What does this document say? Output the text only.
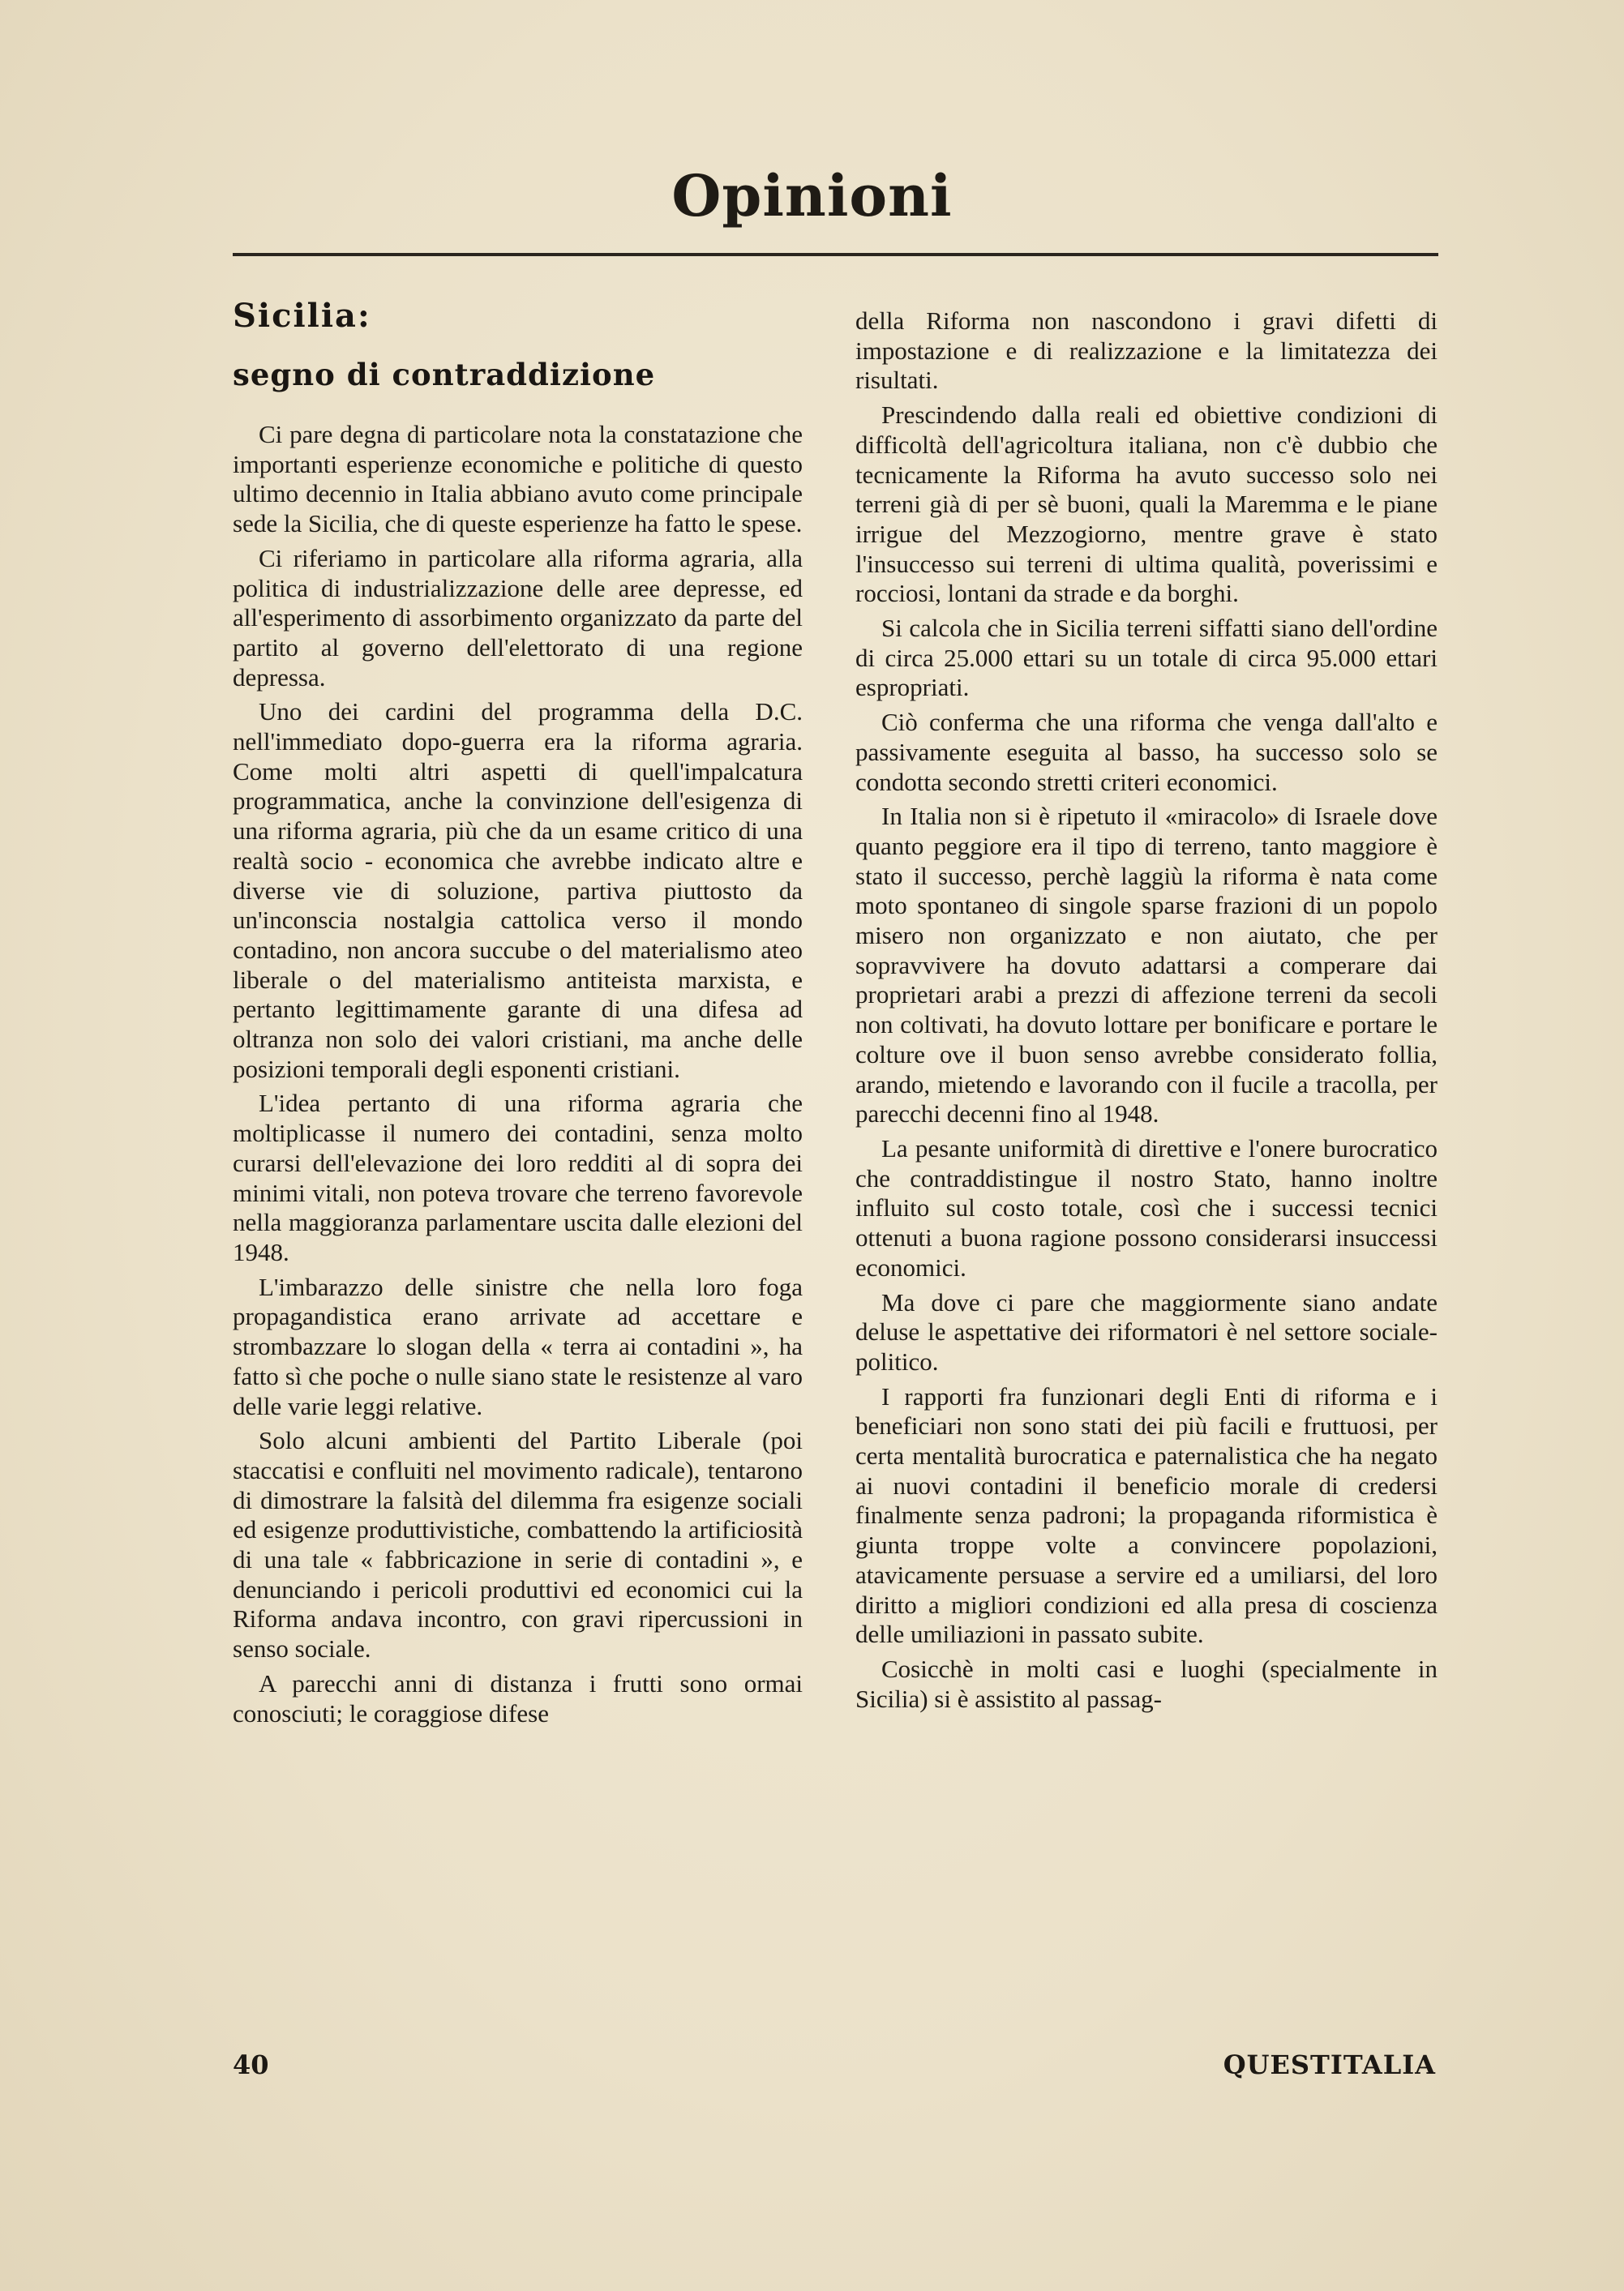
Opinioni
Sicilia:
segno di contraddizione

Ci pare degna di particolare nota la constatazione che importanti esperienze economiche e politiche di questo ultimo decennio in Italia abbiano avuto come principale sede la Sicilia, che di queste esperienze ha fatto le spese.

Ci riferiamo in particolare alla riforma agraria, alla politica di industrializzazione delle aree depresse, ed all'esperimento di assorbimento organizzato da parte del partito al governo dell'elettorato di una regione depressa.

Uno dei cardini del programma della D.C. nell'immediato dopo-guerra era la riforma agraria. Come molti altri aspetti di quell'impalcatura programmatica, anche la convinzione dell'esigenza di una riforma agraria, più che da un esame critico di una realtà socio - economica che avrebbe indicato altre e diverse vie di soluzione, partiva piuttosto da un'inconscia nostalgia cattolica verso il mondo contadino, non ancora succube o del materialismo ateo liberale o del materialismo antiteista marxista, e pertanto legittimamente garante di una difesa ad oltranza non solo dei valori cristiani, ma anche delle posizioni temporali degli esponenti cristiani.

L'idea pertanto di una riforma agraria che moltiplicasse il numero dei contadini, senza molto curarsi dell'elevazione dei loro redditi al di sopra dei minimi vitali, non poteva trovare che terreno favorevole nella maggioranza parlamentare uscita dalle elezioni del 1948.

L'imbarazzo delle sinistre che nella loro foga propagandistica erano arrivate ad accettare e strombazzare lo slogan della « terra ai contadini », ha fatto sì che poche o nulle siano state le resistenze al varo delle varie leggi relative.

Solo alcuni ambienti del Partito Liberale (poi staccatisi e confluiti nel movimento radicale), tentarono di dimostrare la falsità del dilemma fra esigenze sociali ed esigenze produttivistiche, combattendo la artificiosità di una tale « fabbricazione in serie di contadini », e denunciando i pericoli produttivi ed economici cui la Riforma andava incontro, con gravi ripercussioni in senso sociale.

A parecchi anni di distanza i frutti sono ormai conosciuti; le coraggiose difese

della Riforma non nascondono i gravi difetti di impostazione e di realizzazione e la limitatezza dei risultati.

Prescindendo dalla reali ed obiettive condizioni di difficoltà dell'agricoltura italiana, non c'è dubbio che tecnicamente la Riforma ha avuto successo solo nei terreni già di per sè buoni, quali la Maremma e le piane irrigue del Mezzogiorno, mentre grave è stato l'insuccesso sui terreni di ultima qualità, poverissimi e rocciosi, lontani da strade e da borghi.

Si calcola che in Sicilia terreni siffatti siano dell'ordine di circa 25.000 ettari su un totale di circa 95.000 ettari espropriati.

Ciò conferma che una riforma che venga dall'alto e passivamente eseguita al basso, ha successo solo se condotta secondo stretti criteri economici.

In Italia non si è ripetuto il «miracolo» di Israele dove quanto peggiore era il tipo di terreno, tanto maggiore è stato il successo, perchè laggiù la riforma è nata come moto spontaneo di singole sparse frazioni di un popolo misero non organizzato e non aiutato, che per sopravvivere ha dovuto adattarsi a comperare dai proprietari arabi a prezzi di affezione terreni da secoli non coltivati, ha dovuto lottare per bonificare e portare le colture ove il buon senso avrebbe considerato follia, arando, mietendo e lavorando con il fucile a tracolla, per parecchi decenni fino al 1948.

La pesante uniformità di direttive e l'onere burocratico che contraddistingue il nostro Stato, hanno inoltre influito sul costo totale, così che i successi tecnici ottenuti a buona ragione possono considerarsi insuccessi economici.

Ma dove ci pare che maggiormente siano andate deluse le aspettative dei riformatori è nel settore sociale-politico.

I rapporti fra funzionari degli Enti di riforma e i beneficiari non sono stati dei più facili e fruttuosi, per certa mentalità burocratica e paternalistica che ha negato ai nuovi contadini il beneficio morale di credersi finalmente senza padroni; la propaganda riformistica è giunta troppe volte a convincere popolazioni, atavicamente persuase a servire ed a umiliarsi, del loro diritto a migliori condizioni ed alla presa di coscienza delle umiliazioni in passato subite.

Cosicchè in molti casi e luoghi (specialmente in Sicilia) si è assistito al passag-

40	QUESTITALIA
